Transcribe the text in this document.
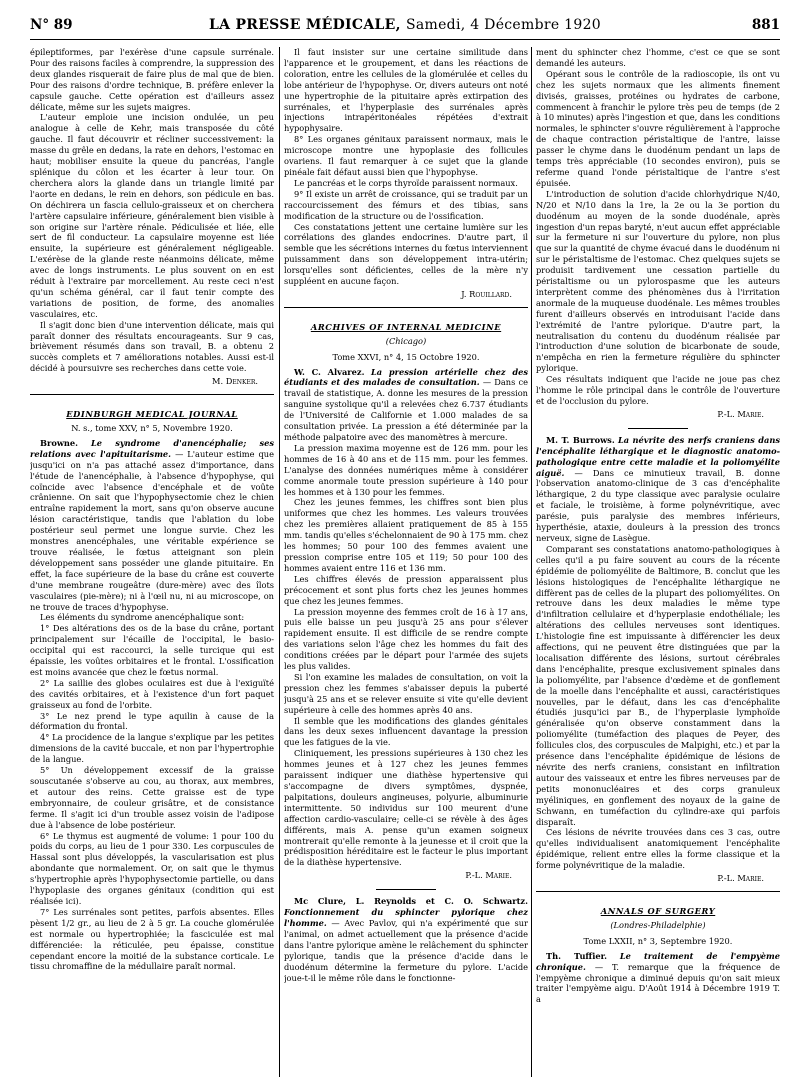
N° 89	LA PRESSE MÉDICALE, Samedi, 4 Décembre 1920	881

épileptiformes, par l'exérèse d'une capsule surrénale. Pour des raisons faciles à comprendre, la suppression des deux glandes risquerait de faire plus de mal que de bien. Pour des raisons d'ordre technique, B. préfère enlever la capsule gauche. Cette opération est d'ailleurs assez délicate, même sur les sujets maigres.

L'auteur emploie une incision ondulée, un peu analogue à celle de Kehr, mais transposée du côté gauche. Il faut découvrir et récliner successivement: la masse du grêle en dedans, la rate en dehors, l'estomac en haut; mobiliser ensuite la queue du pancréas, l'angle splénique du côlon et les écarter à leur tour. On cherchera alors la glande dans un triangle limité par l'aorte en dedans, le rein en dehors, son pédicule en bas. On déchirera un fascia cellulo-graisseux et on cherchera l'artère capsulaire inférieure, généralement bien visible à son origine sur l'artère rénale. Pédiculisée et liée, elle sert de fil conducteur. La capsulaire moyenne est liée ensuite, la supérieure est généralement négligeable. L'exérèse de la glande reste néanmoins délicate, même avec de longs instruments. Le plus souvent on en est réduit à l'extraire par morcellement. Au reste ceci n'est qu'un schéma général, car il faut tenir compte des variations de position, de forme, des anomalies vasculaires, etc.

Il s'agit donc bien d'une intervention délicate, mais qui paraît donner des résultats encourageants. Sur 9 cas, brièvement résumés dans son travail, B. a obtenu 2 succès complets et 7 améliorations notables. Aussi est-il décidé à poursuivre ses recherches dans cette voie.

M. Denker.
EDINBURGH MEDICAL JOURNAL
N. s., tome XXV, n° 5, Novembre 1920.

Browne. Le syndrome d'anencéphalie; ses relations avec l'apituitarisme. — L'auteur estime que jusqu'ici on n'a pas attaché assez d'importance, dans l'étude de l'anencéphalie, à l'absence d'hypophyse, qui coïncide avec l'absence d'encéphale et de voûte crânienne. On sait que l'hypophysectomie chez le chien entraîne rapidement la mort, sans qu'on observe aucune lésion caractéristique, tandis que l'ablation du lobe postérieur seul permet une longue survie. Chez les monstres anencéphales, une véritable expérience se trouve réalisée, le fœtus atteignant son plein développement sans posséder une glande pituitaire. En effet, la face supérieure de la base du crâne est couverte d'une membrane rougeâtre (dure-mère) avec des îlots vasculaires (pie-mère); ni à l'œil nu, ni au microscope, on ne trouve de traces d'hypophyse.

Les éléments du syndrome anencéphalique sont:

1° Des altérations des os de la base du crâne, portant principalement sur l'écaille de l'occipital, le basio-occipital qui est raccourci, la selle turcique qui est épaissie, les voûtes orbitaires et le frontal. L'ossification est moins avancée que chez le fœtus normal.

2° La saillie des globes oculaires est due à l'exiguïté des cavités orbitaires, et à l'existence d'un fort paquet graisseux au fond de l'orbite.

3° Le nez prend le type aquilin à cause de la déformation du frontal.

4° La procidence de la langue s'explique par les petites dimensions de la cavité buccale, et non par l'hypertrophie de la langue.

5° Un développement excessif de la graisse souscutanée s'observe au cou, au thorax, aux membres, et autour des reins. Cette graisse est de type embryonnaire, de couleur grisâtre, et de consistance ferme. Il s'agit ici d'un trouble assez voisin de l'adipose due à l'absence de lobe postérieur.

6° Le thymus est augmenté de volume: 1 pour 100 du poids du corps, au lieu de 1 pour 330. Les corpuscules de Hassal sont plus développés, la vascularisation est plus abondante que normalement. Or, on sait que le thymus s'hypertrophie après l'hypophysectomie partielle, ou dans l'hypoplasie des organes génitaux (condition qui est réalisée ici).

7° Les surrénales sont petites, parfois absentes. Elles pèsent 1/2 gr., au lieu de 2 à 5 gr. La couche glomérulée est normale ou hypertrophiée; la fasciculée est mal différenciée: la réticulée, peu épaisse, constitue cependant encore la moitié de la substance corticale. Le tissu chromaffine de la médullaire paraît normal.

Il faut insister sur une certaine similitude dans l'apparence et le groupement, et dans les réactions de coloration, entre les cellules de la glomérulée et celles du lobe antérieur de l'hypophyse. Or, divers auteurs ont noté une hypertrophie de la pituitaire après extirpation des surrénales, et l'hyperplasie des surrénales après injections intrapéritonéales répétées d'extrait hypophysaire.

8° Les organes génitaux paraissent normaux, mais le microscope montre une hypoplasie des follicules ovariens. Il faut remarquer à ce sujet que la glande pinéale fait défaut aussi bien que l'hypophyse.

Le pancréas et le corps thyroïde paraissent normaux.

9° Il existe un arrêt de croissance, qui se traduit par un raccourcissement des fémurs et des tibias, sans modification de la structure ou de l'ossification.

Ces constatations jettent une certaine lumière sur les corrélations des glandes endocrines. D'autre part, il semble que les sécrétions internes du fœtus interviennent puissamment dans son développement intra-utérin; lorsqu'elles sont déficientes, celles de la mère n'y suppléent en aucune façon.

J. Rouillard.
ARCHIVES OF INTERNAL MEDICINE
(Chicago)
Tome XXVI, n° 4, 15 Octobre 1920.

W. C. Alvarez. La pression artérielle chez des étudiants et des malades de consultation. — Dans ce travail de statistique, A. donne les mesures de la pression sanguine systolique qu'il a relevées chez 6.737 étudiants de l'Université de Californie et 1.000 malades de sa consultation privée. La pression a été déterminée par la méthode palpatoire avec des manomètres à mercure.

La pression maxima moyenne est de 126 mm. pour les hommes de 16 à 40 ans et de 115 mm. pour les femmes. L'analyse des données numériques même à considérer comme anormale toute pression supérieure à 140 pour les hommes et à 130 pour les femmes.

Chez les jeunes femmes, les chiffres sont bien plus uniformes que chez les hommes. Les valeurs trouvées chez les premières allaient pratiquement de 85 à 155 mm. tandis qu'elles s'échelonnaient de 90 à 175 mm. chez les hommes; 50 pour 100 des femmes avaient une pression comprise entre 105 et 119; 50 pour 100 des hommes avaient entre 116 et 136 mm.

Les chiffres élevés de pression apparaissent plus précocement et sont plus forts chez les jeunes hommes que chez les jeunes femmes.

La pression moyenne des femmes croît de 16 à 17 ans, puis elle baisse un peu jusqu'à 25 ans pour s'élever rapidement ensuite. Il est difficile de se rendre compte des variations selon l'âge chez les hommes du fait des conditions créées par le départ pour l'armée des sujets les plus valides.

Si l'on examine les malades de consultation, on voit la pression chez les femmes s'abaisser depuis la puberté jusqu'à 25 ans et se relever ensuite si vite qu'elle devient supérieure à celle des hommes après 40 ans.

Il semble que les modifications des glandes génitales dans les deux sexes influencent davantage la pression que les fatigues de la vie.

Cliniquement, les pressions supérieures à 130 chez les hommes jeunes et à 127 chez les jeunes femmes paraissent indiquer une diathèse hypertensive qui s'accompagne de divers symptômes, dyspnée, palpitations, douleurs angineuses, polyurie, albuminurie intermittente. 50 individus sur 100 meurent d'une affection cardio-vasculaire; celle-ci se révèle à des âges différents, mais A. pense qu'un examen soigneux montrerait qu'elle remonte à la jeunesse et il croit que la prédisposition héréditaire est le facteur le plus important de la diathèse hypertensive.

P.-L. Marie.

Mc Clure, L. Reynolds et C. O. Schwartz. Fonctionnement du sphincter pylorique chez l'homme. — Avec Pavlov, qui n'a expérimenté que sur l'animal, on admet actuellement que la présence d'acide dans l'antre pylorique amène le relâchement du sphincter pylorique, tandis que la présence d'acide dans le duodénum détermine la fermeture du pylore. L'acide joue-t-il le même rôle dans le fonctionne-

ment du sphincter chez l'homme, c'est ce que se sont demandé les auteurs.

Opérant sous le contrôle de la radioscopie, ils ont vu chez les sujets normaux que les aliments finement divisés, graisses, protéines ou hydrates de carbone, commencent à franchir le pylore très peu de temps (de 2 à 10 minutes) après l'ingestion et que, dans les conditions normales, le sphincter s'ouvre régulièrement à l'approche de chaque contraction péristaltique de l'antre, laisse passer le chyme dans le duodénum pendant un laps de temps très appréciable (10 secondes environ), puis se referme quand l'onde péristaltique de l'antre s'est épuisée.

L'introduction de solution d'acide chlorhydrique N/40, N/20 et N/10 dans la 1re, la 2e ou la 3e portion du duodénum au moyen de la sonde duodénale, après ingestion d'un repas baryté, n'eut aucun effet appréciable sur la fermeture ni sur l'ouverture du pylore, non plus que sur la quantité de chyme évacué dans le duodénum ni sur le péristaltisme de l'estomac. Chez quelques sujets se produisit tardivement une cessation partielle du péristaltisme ou un pylorospasme que les auteurs interprètent comme des phénomènes dus à l'irritation anormale de la muqueuse duodénale. Les mêmes troubles furent d'ailleurs observés en introduisant l'acide dans l'extrémité de l'antre pylorique. D'autre part, la neutralisation du contenu du duodénum réalisée par l'introduction d'une solution de bicarbonate de soude, n'empêcha en rien la fermeture régulière du sphincter pylorique.

Ces résultats indiquent que l'acide ne joue pas chez l'homme le rôle principal dans le contrôle de l'ouverture et de l'occlusion du pylore.

P.-L. Marie.

M. T. Burrows. La névrite des nerfs craniens dans l'encéphalite léthargique et le diagnostic anatomo-pathologique entre cette maladie et la poliomyélite aiguë. — Dans ce minutieux travail, B. donne l'observation anatomo-clinique de 3 cas d'encéphalite léthargique, 2 du type classique avec paralysie oculaire et faciale, le troisième, à forme polynévritique, avec parésie, puis paralysie des membres inférieurs, hyperthésie, ataxie, douleurs à la pression des troncs nerveux, signe de Lasègue.

Comparant ses constatations anatomo-pathologiques à celles qu'il a pu faire souvent au cours de la récente épidémie de poliomyélite de Baltimore, B. conclut que les lésions histologiques de l'encéphalite léthargique ne diffèrent pas de celles de la plupart des poliomyélites. On retrouve dans les deux maladies le même type d'infiltration cellulaire et d'hyperplasie endothéliale; les altérations des cellules nerveuses sont identiques. L'histologie fine est impuissante à différencier les deux affections, qui ne peuvent être distinguées que par la localisation différente des lésions, surtout cérébrales dans l'encéphalite, presque exclusivement spinales dans la poliomyélite, par l'absence d'œdème et de gonflement de la moelle dans l'encéphalite et aussi, caractéristiques nouvelles, par le défaut, dans les cas d'encéphalite étudiés jusqu'ici par B., de l'hyperplasie lymphoïde généralisée qu'on observe constamment dans la poliomyélite (tuméfaction des plaques de Peyer, des follicules clos, des corpuscules de Malpighi, etc.) et par la présence dans l'encéphalite épidémique de lésions de névrite des nerfs craniens, consistant en infiltration autour des vaisseaux et entre les fibres nerveuses par de petits mononucléaires et des corps granuleux myéliniques, en gonflement des noyaux de la gaine de Schwann, en tuméfaction du cylindre-axe qui parfois disparaît.

Ces lésions de névrite trouvées dans ces 3 cas, outre qu'elles individualisent anatomiquement l'encéphalite épidémique, relient entre elles la forme classique et la forme polynévritique de la maladie.

P.-L. Marie.
ANNALS OF SURGERY
(Londres-Philadelphie)
Tome LXXII, n° 3, Septembre 1920.

Th. Tuffier. Le traitement de l'empyème chronique. — T. remarque que la fréquence de l'empyème chronique a diminué depuis qu'on sait mieux traiter l'empyème aigu. D'Août 1914 à Décembre 1919 T. a
